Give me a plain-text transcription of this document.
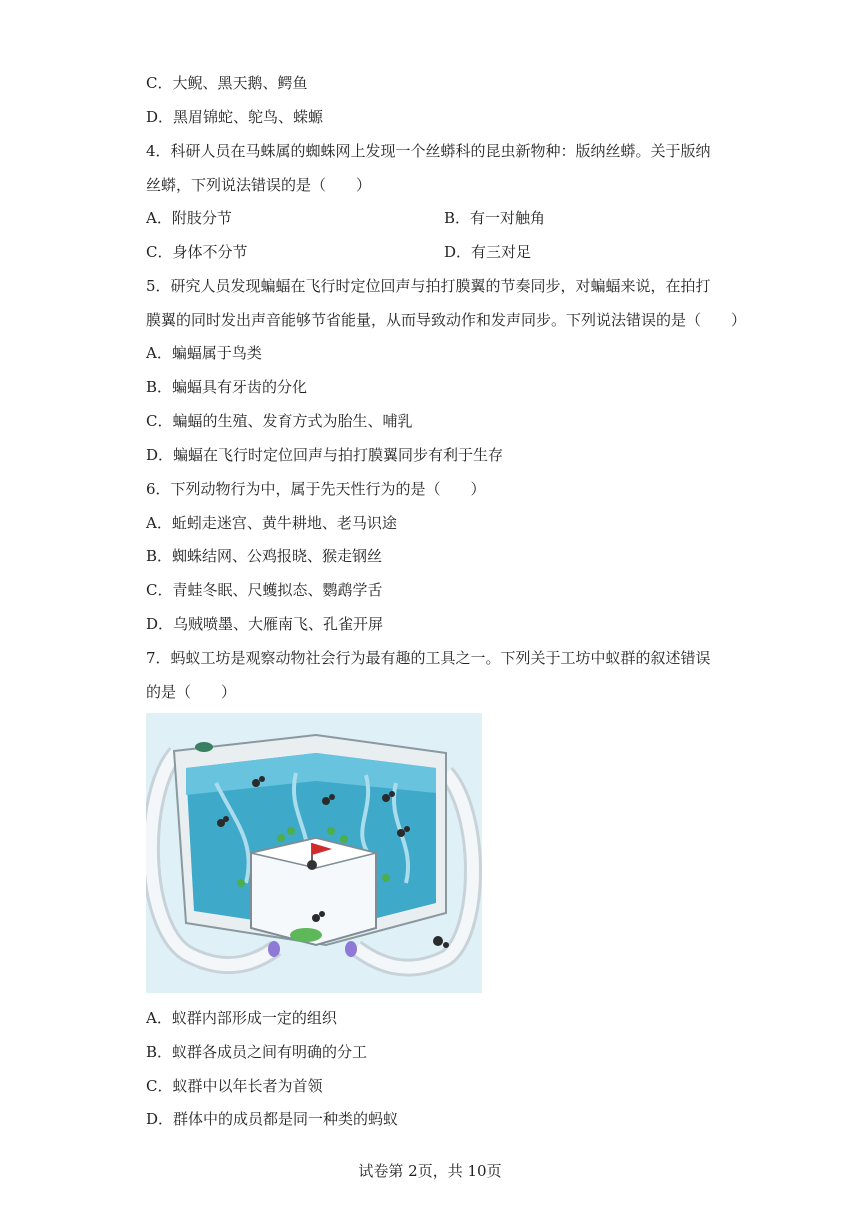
C．大鲵、黑天鹅、鳄鱼
D．黑眉锦蛇、鸵鸟、蝾螈
4．科研人员在马蛛属的蜘蛛网上发现一个丝蟒科的昆虫新物种：版纳丝蟒。关于版纳
丝蟒，下列说法错误的是（　　）
A．附肢分节	B．有一对触角
C．身体不分节	D．有三对足
5．研究人员发现蝙蝠在飞行时定位回声与拍打膜翼的节奏同步，对蝙蝠来说，在拍打
膜翼的同时发出声音能够节省能量，从而导致动作和发声同步。下列说法错误的是（　　）
A．蝙蝠属于鸟类
B．蝙蝠具有牙齿的分化
C．蝙蝠的生殖、发育方式为胎生、哺乳
D．蝙蝠在飞行时定位回声与拍打膜翼同步有利于生存
6．下列动物行为中，属于先天性行为的是（　　）
A．蚯蚓走迷宫、黄牛耕地、老马识途
B．蜘蛛结网、公鸡报晓、猴走钢丝
C．青蛙冬眠、尺蠖拟态、鹦鹉学舌
D．乌贼喷墨、大雁南飞、孔雀开屏
7．蚂蚁工坊是观察动物社会行为最有趣的工具之一。下列关于工坊中蚁群的叙述错误
的是（　　）
A．蚁群内部形成一定的组织
B．蚁群各成员之间有明确的分工
C．蚁群中以年长者为首领
D．群体中的成员都是同一种类的蚂蚁
试卷第 2页，共 10页
